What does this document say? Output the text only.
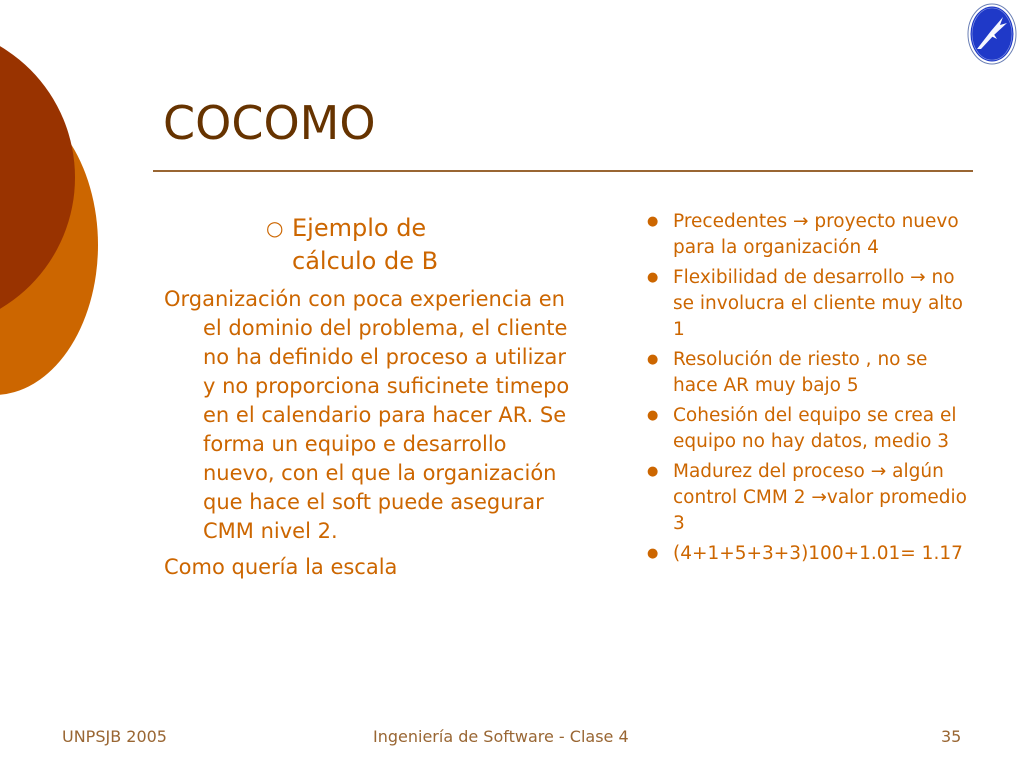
COCOMO
○ Ejemplo de cálculo de B
Organización con poca experiencia en el dominio del problema, el cliente no ha definido el proceso a utilizar y no proporciona suficinete timepo en el calendario para hacer AR. Se forma un equipo e desarrollo nuevo, con el que la organización que hace el soft puede asegurar CMM nivel 2.
Como quería la escala
● Precedentes → proyecto nuevo para la organización 4
● Flexibilidad de desarrollo → no se involucra el cliente muy alto 1
● Resolución de riesto , no se hace AR muy bajo 5
● Cohesión del equipo se crea el equipo no hay datos, medio 3
● Madurez del proceso → algún control CMM 2 →valor promedio 3
● (4+1+5+3+3)100+1.01= 1.17
UNPSJB 2005	Ingeniería de Software - Clase 4	35
